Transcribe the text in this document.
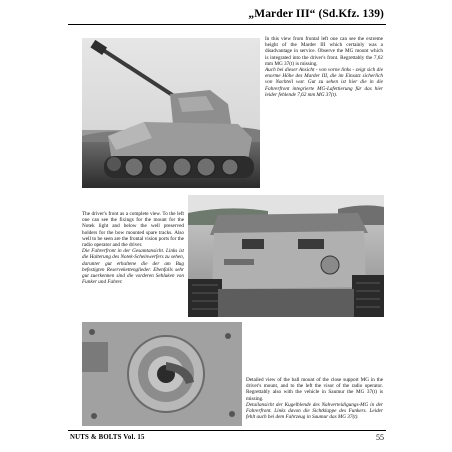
„Marder III“ (Sd.Kfz. 139)

In this view from frontal left one can see the extreme height of the Marder III which certainly was a disadvantage in service. Observe the MG mount which is integrated into the driver's front. Regrettably the 7,62 mm MG 37(t) is missing.

Auch bei dieser Ansicht - von vorne links - zeigt sich die enorme Höhe des Marder III, die im Einsatz sicherlich von Nachteil war. Gut zu sehen ist hier die in die Fahrerfront integrierte MG-Lafettierung für das hier leider fehlende 7,62 mm MG 37(t).

The driver's front as a complete view. To the left one can see the fixings for the mount for the Notek light and below the well preserved holders for the bow mounted spare tracks. Also well to be seen are the frontal vision ports for the radio operator and the driver.

Die Fahrerfront in der Gesamtansicht. Links ist die Halterung des Notek-Scheinwerfers zu sehen, darunter gut erhaltene die der am Bug befestigten Reservekettenglieder. Ebenfalls sehr gut zuerkennen sind die vorderen Sehluken von Funker und Fahrer.

Detailed view of the ball mount of the close support MG in the driver's mount, and to the left the visor of the radio operator. Regrettably also with the vehicle in Saumur the MG 37(t) is missing.

Detailansicht der Kugelblende des Nahverteidigungs-MG in der Fahrerfront. Links davon die Sichtklappe des Funkers. Leider fehlt auch bei dem Fahrzeug in Saumur das MG 37(t).

NUTS & BOLTS Vol. 15	55
